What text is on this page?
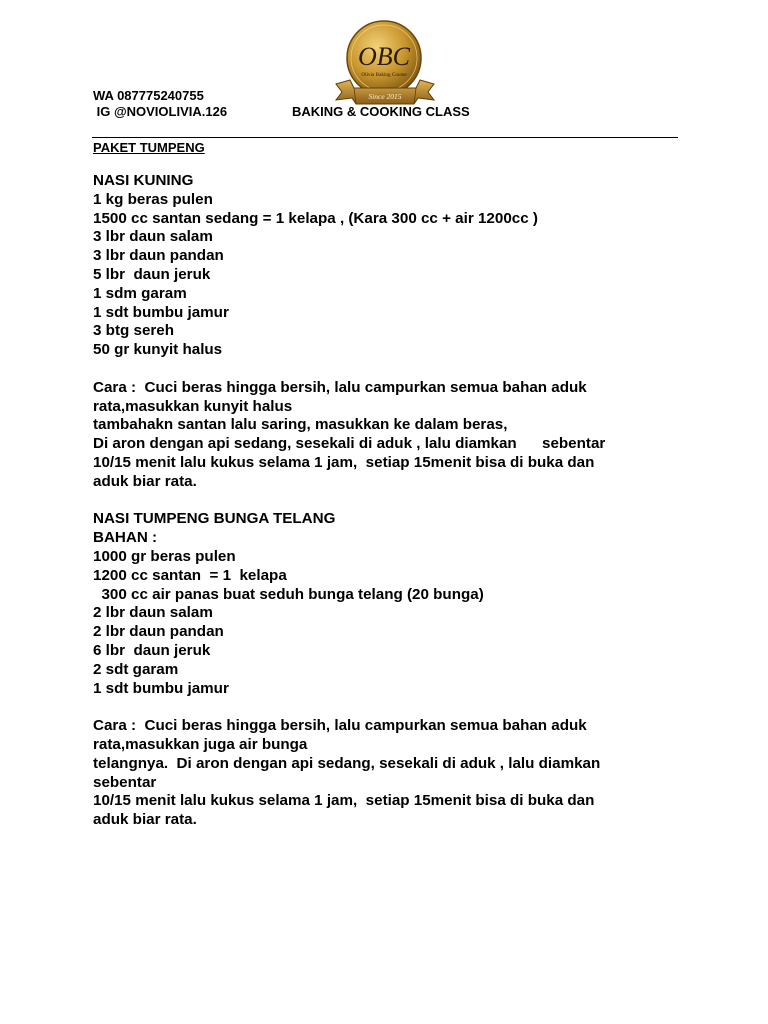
OBC
Olivia Baking Course
Since 2015
WA 087775240755
IG @NOVIOLIVIA.126	BAKING & COOKING CLASS
PAKET TUMPENG
NASI KUNING
1 kg beras pulen
1500 cc santan sedang = 1 kelapa , (Kara 300 cc + air 1200cc )
3 lbr daun salam
3 lbr daun pandan
5 lbr  daun jeruk
1 sdm garam
1 sdt bumbu jamur
3 btg sereh
50 gr kunyit halus
Cara :  Cuci beras hingga bersih, lalu campurkan semua bahan aduk
rata,masukkan kunyit halus
tambahakn santan lalu saring, masukkan ke dalam beras,
Di aron dengan api sedang, sesekali di aduk , lalu diamkan      sebentar
10/15 menit lalu kukus selama 1 jam,  setiap 15menit bisa di buka dan
aduk biar rata.
NASI TUMPENG BUNGA TELANG
BAHAN :
1000 gr beras pulen
1200 cc santan  = 1  kelapa
300 cc air panas buat seduh bunga telang (20 bunga)
2 lbr daun salam
2 lbr daun pandan
6 lbr  daun jeruk
2 sdt garam
1 sdt bumbu jamur
Cara :  Cuci beras hingga bersih, lalu campurkan semua bahan aduk
rata,masukkan juga air bunga
telangnya.  Di aron dengan api sedang, sesekali di aduk , lalu diamkan
sebentar
10/15 menit lalu kukus selama 1 jam,  setiap 15menit bisa di buka dan
aduk biar rata.
